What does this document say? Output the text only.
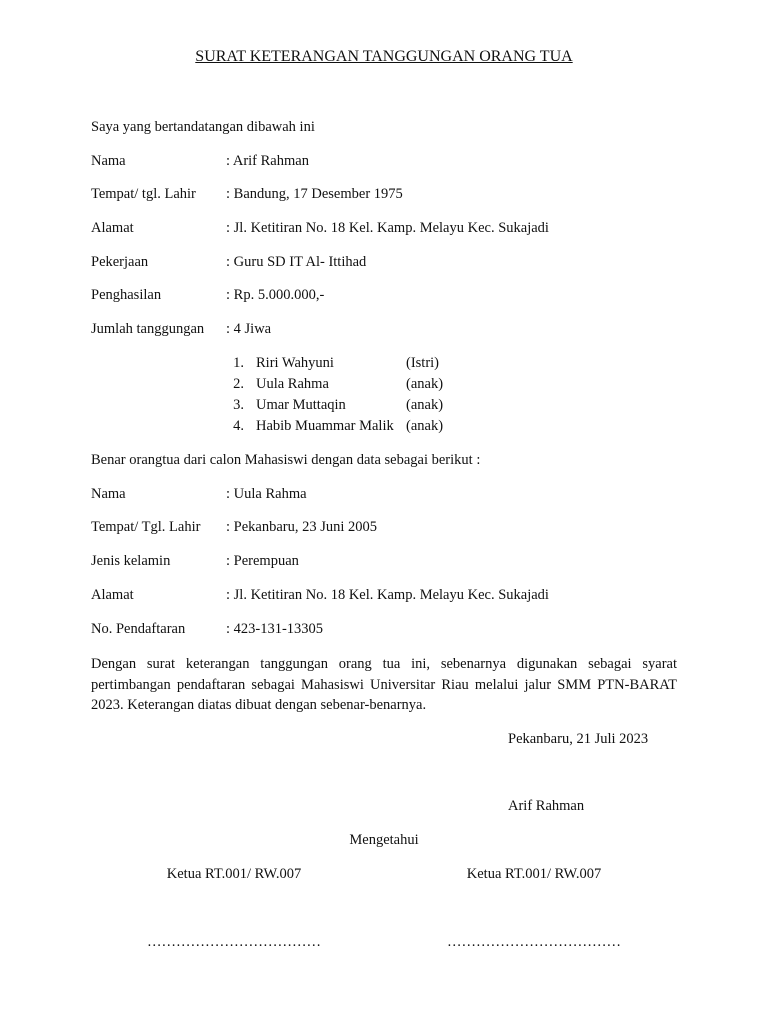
SURAT KETERANGAN TANGGUNGAN ORANG TUA
Saya yang bertandatangan dibawah ini
Nama	: Arif Rahman
Tempat/ tgl. Lahir : Bandung, 17 Desember 1975
Alamat	: Jl. Ketitiran No. 18 Kel. Kamp. Melayu Kec. Sukajadi
Pekerjaan	: Guru SD IT Al- Ittihad
Penghasilan	: Rp. 5.000.000,-
Jumlah tanggungan : 4 Jiwa
1. Riri Wahyuni	(Istri)
2. Uula Rahma	(anak)
3. Umar Muttaqin	(anak)
4. Habib Muammar Malik (anak)
Benar orangtua dari calon Mahasiswi dengan data sebagai berikut :
Nama	: Uula Rahma
Tempat/ Tgl. Lahir : Pekanbaru, 23 Juni 2005
Jenis kelamin	: Perempuan
Alamat	: Jl. Ketitiran No. 18 Kel. Kamp. Melayu Kec. Sukajadi
No. Pendaftaran	: 423-131-13305
Dengan surat keterangan tanggungan orang tua ini, sebenarnya digunakan sebagai syarat pertimbangan pendaftaran sebagai Mahasiswi Universitar Riau melalui jalur SMM PTN-BARAT 2023. Keterangan diatas dibuat dengan sebenar-benarnya.
Pekanbaru, 21 Juli 2023
Arif Rahman
Mengetahui
Ketua RT.001/ RW.007	Ketua RT.001/ RW.007
………………………………	………………………………
